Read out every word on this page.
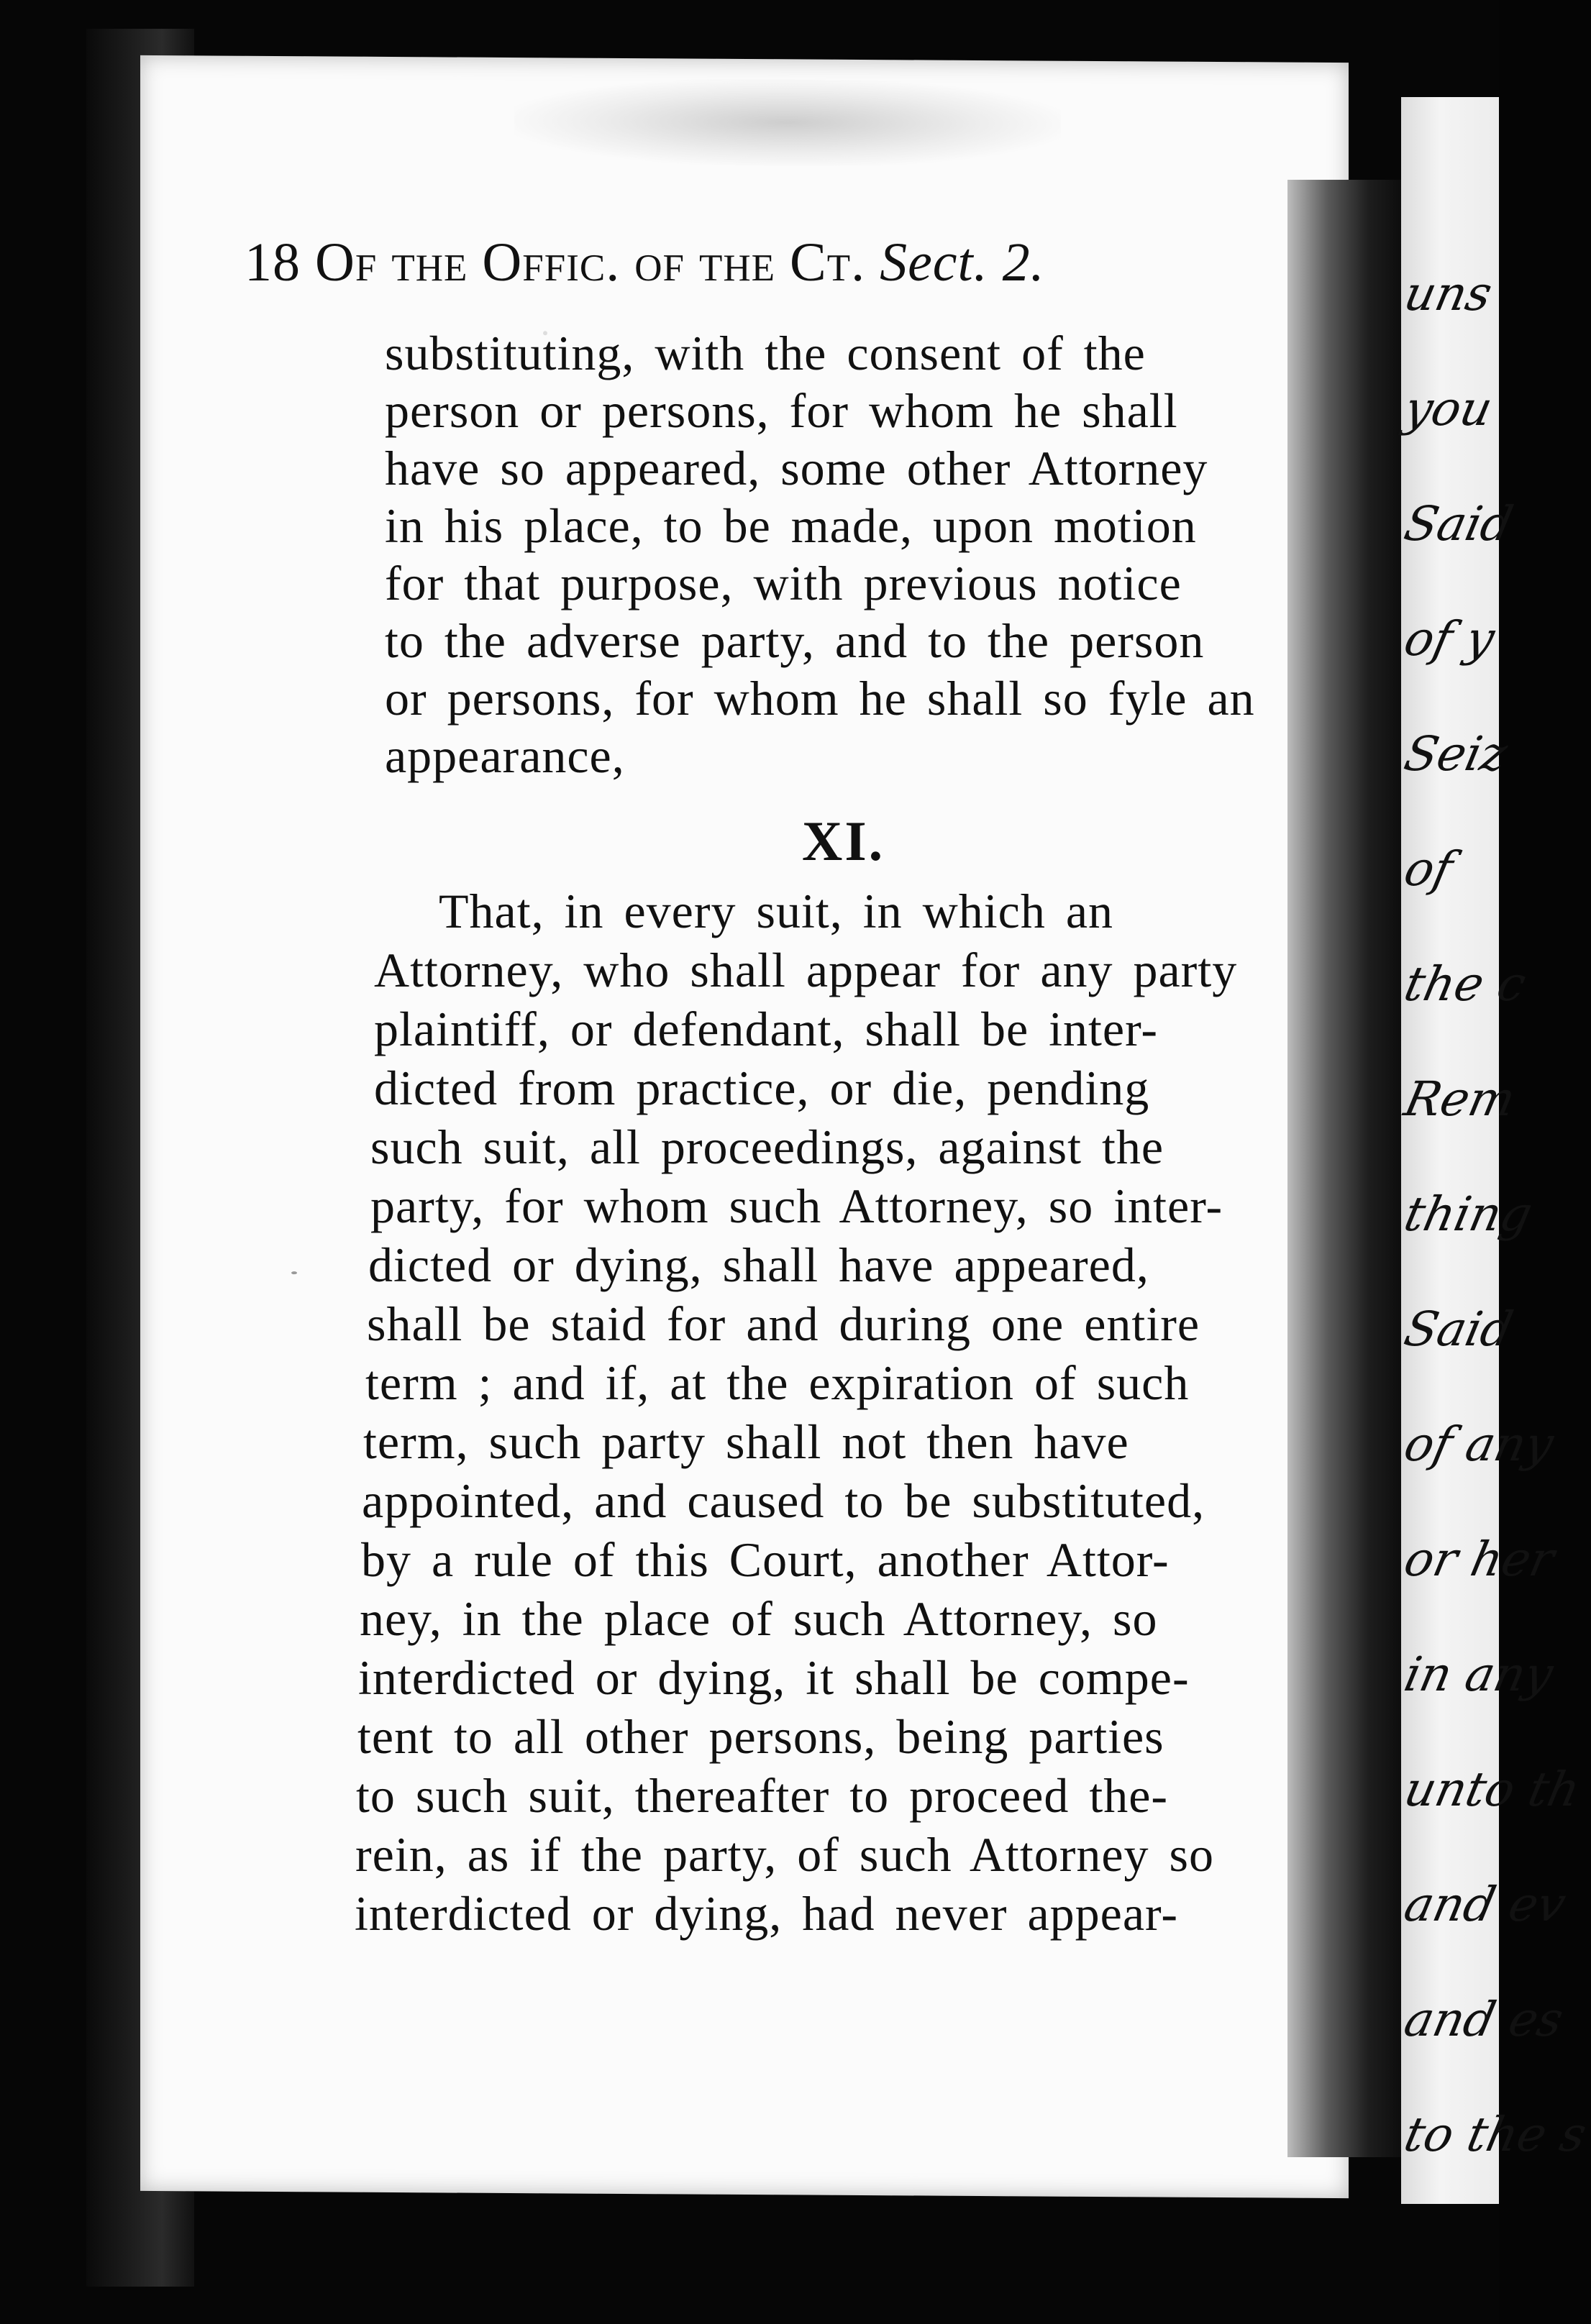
uns
you
Said
of y
Seiz
of
the c
Rem
thing
Said
of any
or her
in any
unto th
and ev
and es
to the s
18 Of the Offic. of the Ct. Sect. 2.
substituting, with the consent of the
person or persons, for whom he shall
have so appeared, some other Attorney
in his place, to be made, upon motion
for that purpose, with previous notice
to the adverse party, and to the person
or persons, for whom he shall so fyle an
appearance,
XI.
That, in every suit, in which an
Attorney, who shall appear for any party
plaintiff, or defendant, shall be inter-
dicted from practice, or die, pending
such suit, all proceedings, against the
party, for whom such Attorney, so inter-
dicted or dying, shall have appeared,
shall be staid for and during one entire
term ; and if, at the expiration of such
term, such party shall not then have
appointed, and caused to be substituted,
by a rule of this Court, another Attor-
ney, in the place of such Attorney, so
interdicted or dying, it shall be compe-
tent to all other persons, being parties
to such suit, thereafter to proceed the-
rein, as if the party, of such Attorney so
interdicted or dying, had never appear-
